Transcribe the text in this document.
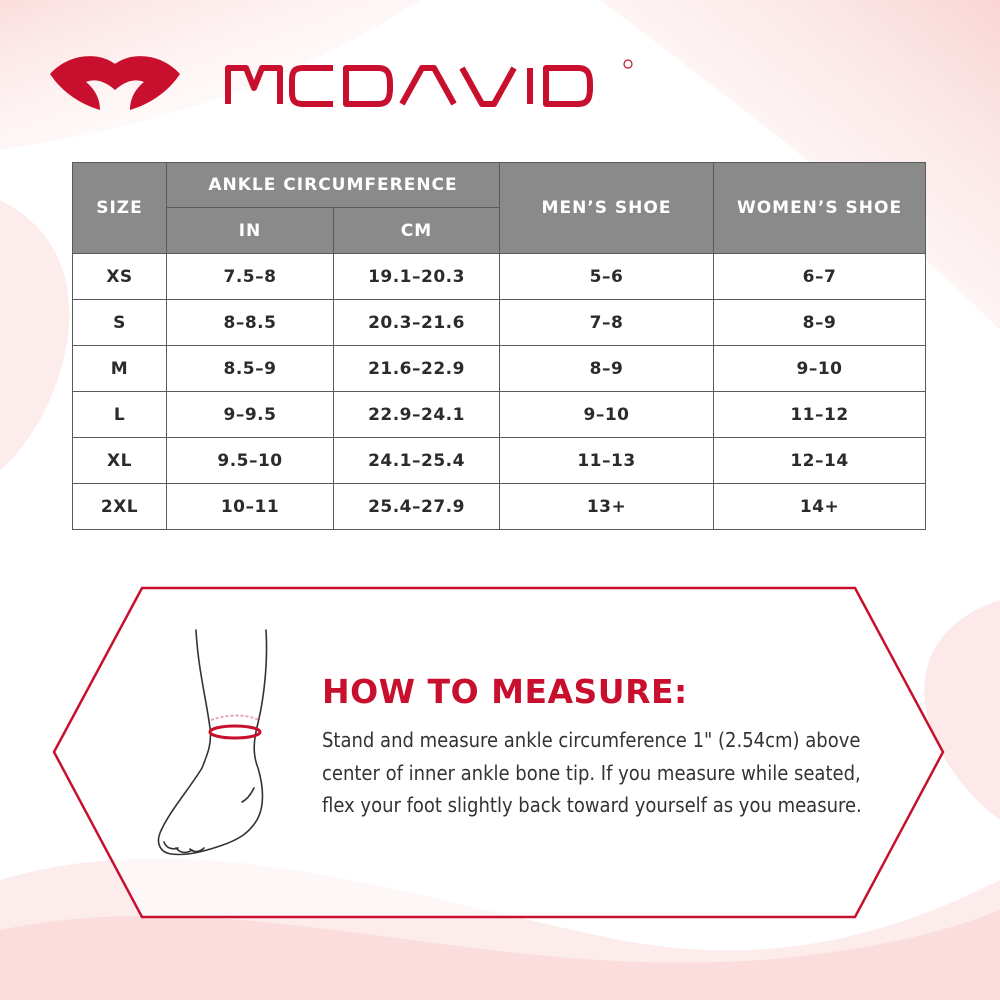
SIZE	ANKLE CIRCUMFERENCE		MEN’S SHOE	WOMEN’S SHOE
	IN	CM		
XS	7.5–8	19.1–20.3	5–6	6–7
S	8–8.5	20.3–21.6	7–8	8–9
M	8.5–9	21.6–22.9	8–9	9–10
L	9–9.5	22.9–24.1	9–10	11–12
XL	9.5–10	24.1–25.4	11–13	12–14
2XL	10–11	25.4–27.9	13+	14+
HOW TO MEASURE:

Stand and measure ankle circumference 1" (2.54cm) above center of inner ankle bone tip. If you measure while seated, flex your foot slightly back toward yourself as you measure.
